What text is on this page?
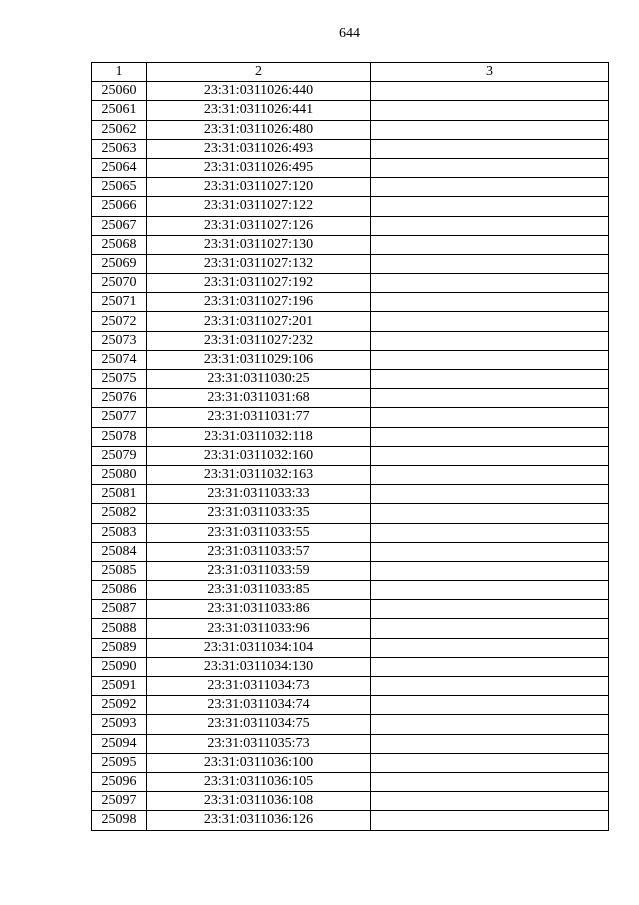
644
1	2	3
25060	23:31:0311026:440	
25061	23:31:0311026:441	
25062	23:31:0311026:480	
25063	23:31:0311026:493	
25064	23:31:0311026:495	
25065	23:31:0311027:120	
25066	23:31:0311027:122	
25067	23:31:0311027:126	
25068	23:31:0311027:130	
25069	23:31:0311027:132	
25070	23:31:0311027:192	
25071	23:31:0311027:196	
25072	23:31:0311027:201	
25073	23:31:0311027:232	
25074	23:31:0311029:106	
25075	23:31:0311030:25	
25076	23:31:0311031:68	
25077	23:31:0311031:77	
25078	23:31:0311032:118	
25079	23:31:0311032:160	
25080	23:31:0311032:163	
25081	23:31:0311033:33	
25082	23:31:0311033:35	
25083	23:31:0311033:55	
25084	23:31:0311033:57	
25085	23:31:0311033:59	
25086	23:31:0311033:85	
25087	23:31:0311033:86	
25088	23:31:0311033:96	
25089	23:31:0311034:104	
25090	23:31:0311034:130	
25091	23:31:0311034:73	
25092	23:31:0311034:74	
25093	23:31:0311034:75	
25094	23:31:0311035:73	
25095	23:31:0311036:100	
25096	23:31:0311036:105	
25097	23:31:0311036:108	
25098	23:31:0311036:126	
